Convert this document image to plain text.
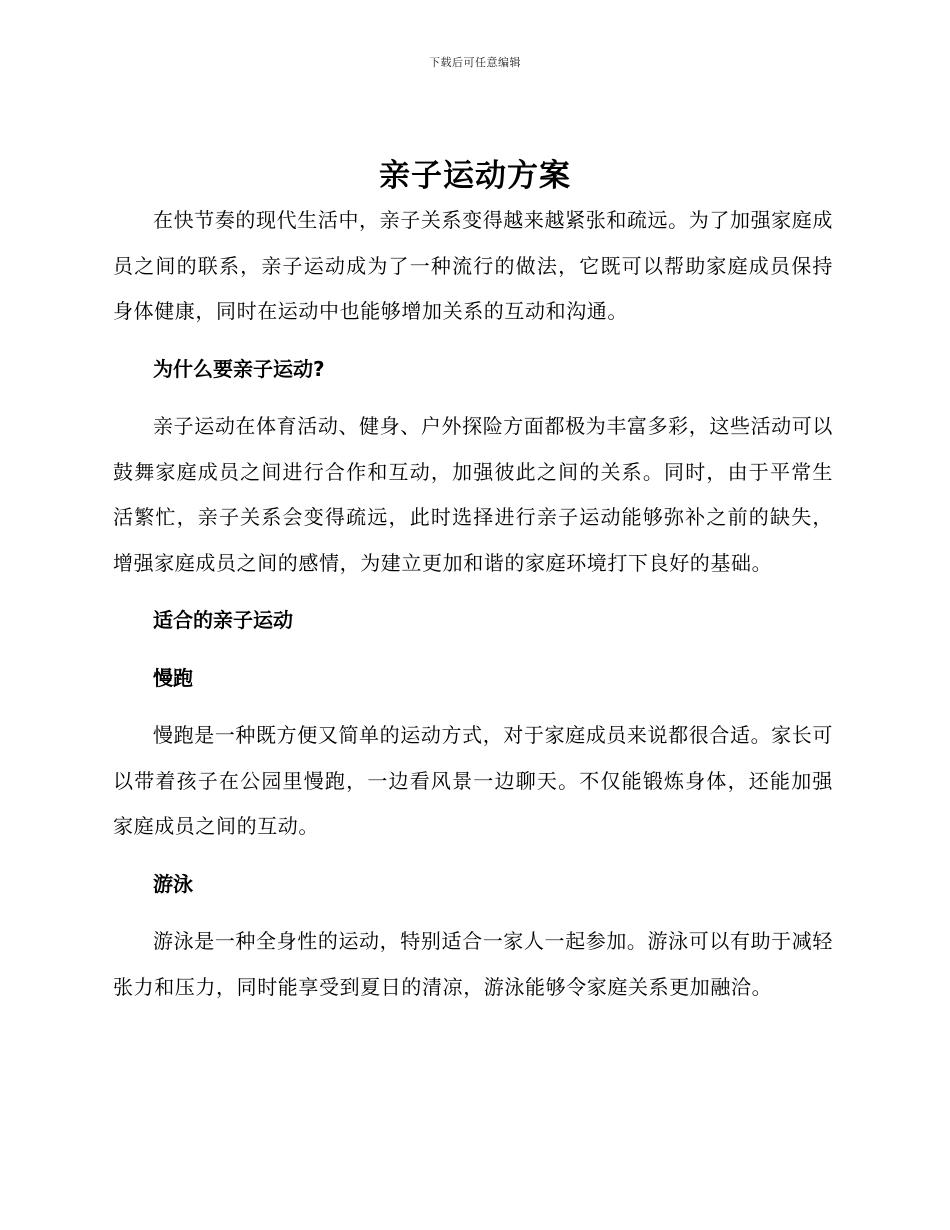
下载后可任意编辑
亲子运动方案

在快节奏的现代生活中，亲子关系变得越来越紧张和疏远。为了加强家庭成员之间的联系，亲子运动成为了一种流行的做法，它既可以帮助家庭成员保持身体健康，同时在运动中也能够增加关系的互动和沟通。

为什么要亲子运动?

亲子运动在体育活动、健身、户外探险方面都极为丰富多彩，这些活动可以鼓舞家庭成员之间进行合作和互动，加强彼此之间的关系。同时，由于平常生活繁忙，亲子关系会变得疏远，此时选择进行亲子运动能够弥补之前的缺失，增强家庭成员之间的感情，为建立更加和谐的家庭环境打下良好的基础。

适合的亲子运动

慢跑

慢跑是一种既方便又简单的运动方式，对于家庭成员来说都很合适。家长可以带着孩子在公园里慢跑，一边看风景一边聊天。不仅能锻炼身体，还能加强家庭成员之间的互动。

游泳

游泳是一种全身性的运动，特别适合一家人一起参加。游泳可以有助于减轻张力和压力，同时能享受到夏日的清凉，游泳能够令家庭关系更加融洽。
